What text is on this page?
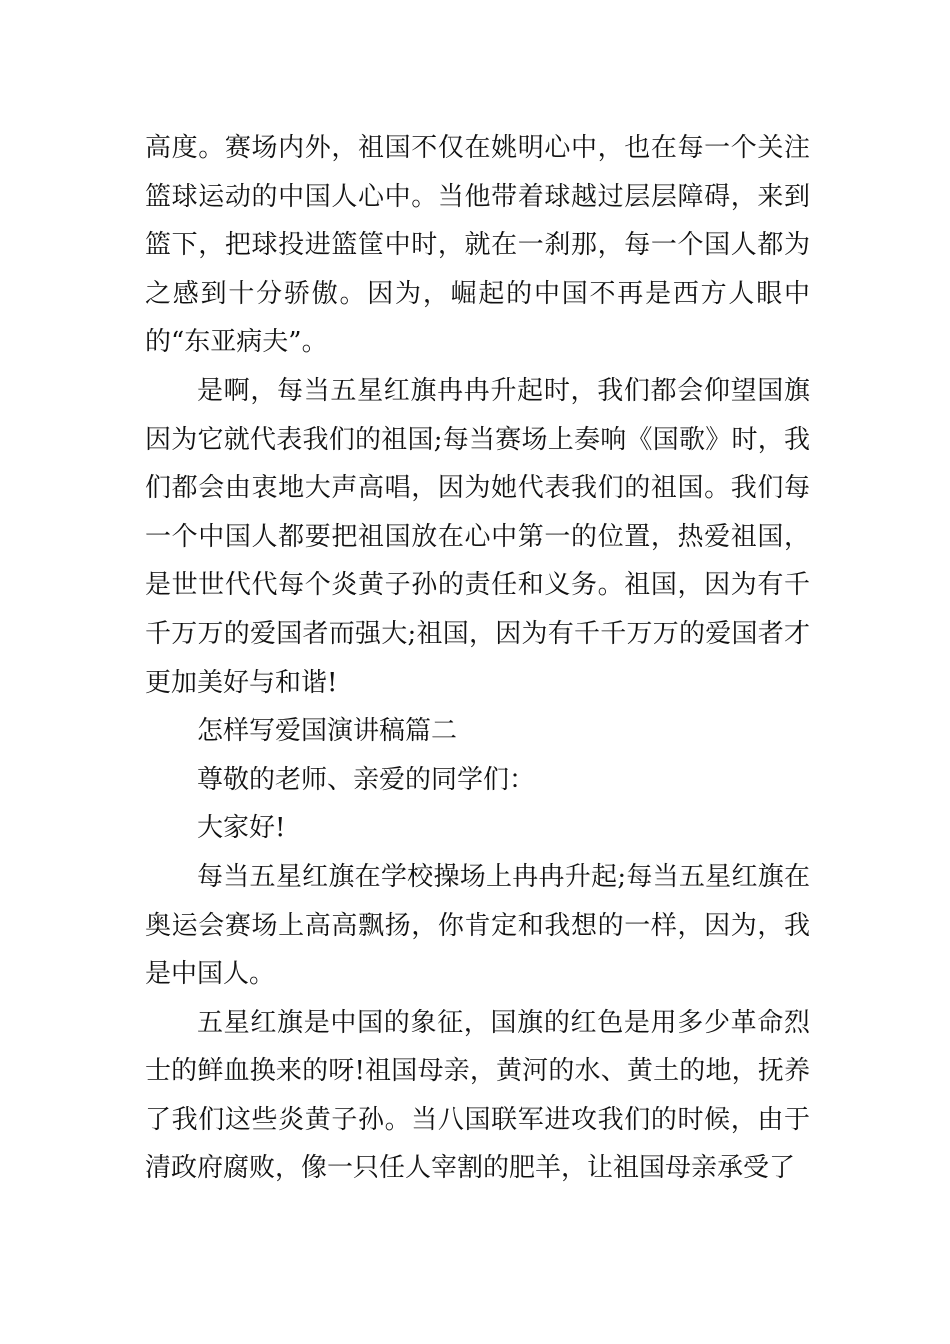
高度。赛场内外，祖国不仅在姚明心中，也在每一个关注篮球运动的中国人心中。当他带着球越过层层障碍，来到篮下，把球投进篮筐中时，就在一刹那，每一个国人都为之感到十分骄傲。因为，崛起的中国不再是西方人眼中的“东亚病夫”。

是啊，每当五星红旗冉冉升起时，我们都会仰望国旗因为它就代表我们的祖国;每当赛场上奏响《国歌》时，我们都会由衷地大声高唱，因为她代表我们的祖国。我们每一个中国人都要把祖国放在心中第一的位置，热爱祖国，是世世代代每个炎黄子孙的责任和义务。祖国，因为有千千万万的爱国者而强大;祖国，因为有千千万万的爱国者才更加美好与和谐!

怎样写爱国演讲稿篇二

尊敬的老师、亲爱的同学们：

大家好!

每当五星红旗在学校操场上冉冉升起;每当五星红旗在奥运会赛场上高高飘扬，你肯定和我想的一样，因为，我是中国人。

五星红旗是中国的象征，国旗的红色是用多少革命烈士的鲜血换来的呀!祖国母亲，黄河的水、黄土的地，抚养了我们这些炎黄子孙。当八国联军进攻我们的时候，由于清政府腐败，像一只任人宰割的肥羊，让祖国母亲承受了
